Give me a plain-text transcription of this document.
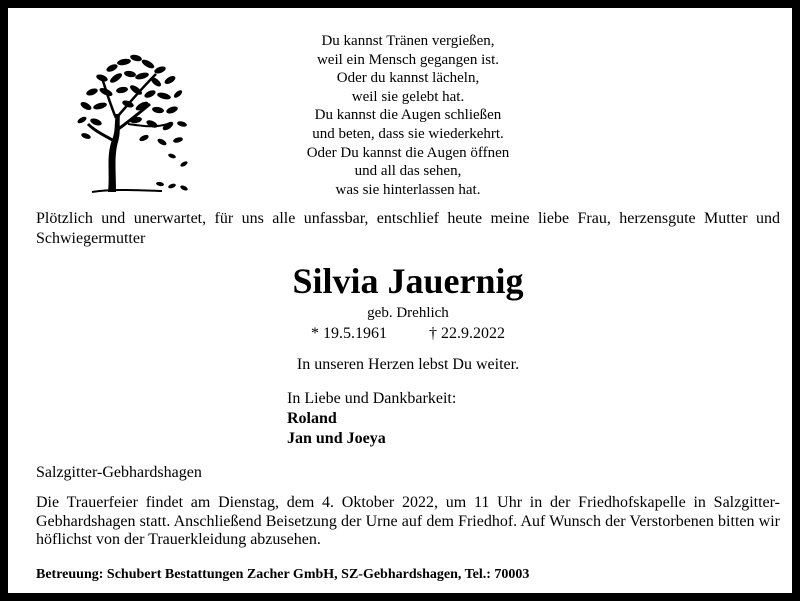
Du kannst Tränen vergießen,
weil ein Mensch gegangen ist.
Oder du kannst lächeln,
weil sie gelebt hat.
Du kannst die Augen schließen
und beten, dass sie wiederkehrt.
Oder Du kannst die Augen öffnen
und all das sehen,
was sie hinterlassen hat.
Plötzlich und unerwartet, für uns alle unfassbar, entschlief heute meine liebe Frau, herzensgute Mutter und Schwiegermutter
Silvia Jauernig
geb. Drehlich
* 19.5.1961	† 22.9.2022
In unseren Herzen lebst Du weiter.
In Liebe und Dankbarkeit:
Roland
Jan und Joeya
Salzgitter-Gebhardshagen
Die Trauerfeier findet am Dienstag, dem 4. Oktober 2022, um 11 Uhr in der Friedhofskapelle in Salzgitter-Gebhardshagen statt. Anschließend Beisetzung der Urne auf dem Friedhof. Auf Wunsch der Verstorbenen bitten wir höflichst von der Trauerkleidung abzusehen.
Betreuung: Schubert Bestattungen Zacher GmbH, SZ-Gebhardshagen, Tel.: 70003
